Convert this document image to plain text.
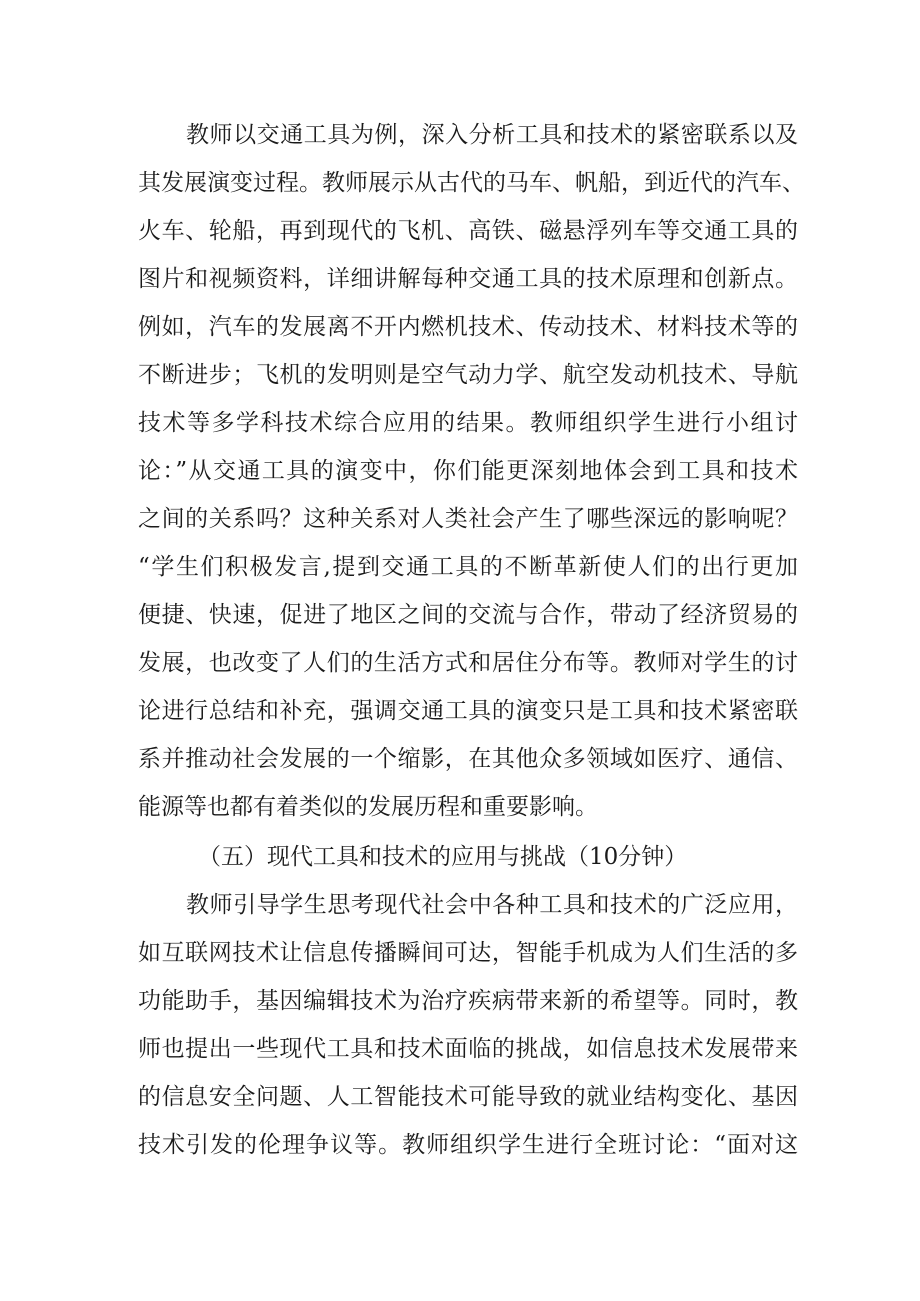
教师以交通工具为例，深入分析工具和技术的紧密联系以及
其发展演变过程。教师展示从古代的马车、帆船，到近代的汽车、
火车、轮船，再到现代的飞机、高铁、磁悬浮列车等交通工具的
图片和视频资料，详细讲解每种交通工具的技术原理和创新点。
例如，汽车的发展离不开内燃机技术、传动技术、材料技术等的
不断进步；飞机的发明则是空气动力学、航空发动机技术、导航
技术等多学科技术综合应用的结果。教师组织学生进行小组讨
论：”从交通工具的演变中，你们能更深刻地体会到工具和技术
之间的关系吗？这种关系对人类社会产生了哪些深远的影响呢？
“学生们积极发言,提到交通工具的不断革新使人们的出行更加
便捷、快速，促进了地区之间的交流与合作，带动了经济贸易的
发展，也改变了人们的生活方式和居住分布等。教师对学生的讨
论进行总结和补充，强调交通工具的演变只是工具和技术紧密联
系并推动社会发展的一个缩影，在其他众多领域如医疗、通信、
能源等也都有着类似的发展历程和重要影响。
（五）现代工具和技术的应用与挑战（10分钟）
教师引导学生思考现代社会中各种工具和技术的广泛应用，
如互联网技术让信息传播瞬间可达，智能手机成为人们生活的多
功能助手，基因编辑技术为治疗疾病带来新的希望等。同时，教
师也提出一些现代工具和技术面临的挑战，如信息技术发展带来
的信息安全问题、人工智能技术可能导致的就业结构变化、基因
技术引发的伦理争议等。教师组织学生进行全班讨论：“面对这
